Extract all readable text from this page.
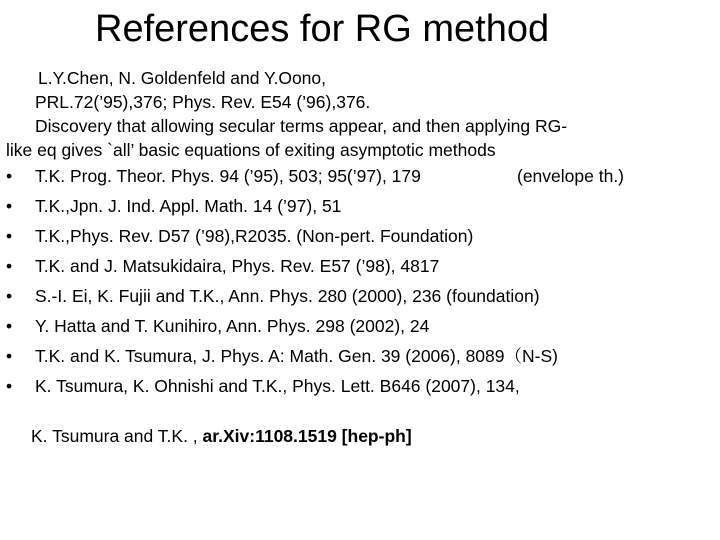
References for RG method
L.Y.Chen, N. Goldenfeld and Y.Oono,
PRL.72(’95),376; Phys. Rev. E54 (’96),376.
Discovery that allowing secular terms appear, and then applying RG-
like eq gives `all’ basic equations of exiting asymptotic methods
• T.K. Prog. Theor. Phys. 94 (’95), 503; 95(’97), 179	(envelope th.)
• T.K.,Jpn. J. Ind. Appl. Math. 14 (’97), 51
• T.K.,Phys. Rev. D57 (’98),R2035. (Non-pert. Foundation)
• T.K. and J. Matsukidaira, Phys. Rev. E57 (’98), 4817
• S.-I. Ei, K. Fujii and T.K., Ann. Phys. 280 (2000), 236 (foundation)
• Y. Hatta and T. Kunihiro, Ann. Phys. 298 (2002), 24
• T.K. and K. Tsumura, J. Phys. A: Math. Gen. 39 (2006), 8089（N-S)
• K. Tsumura, K. Ohnishi and T.K., Phys. Lett. B646 (2007), 134,
K. Tsumura and T.K. , ar.Xiv:1108.1519 [hep-ph]
